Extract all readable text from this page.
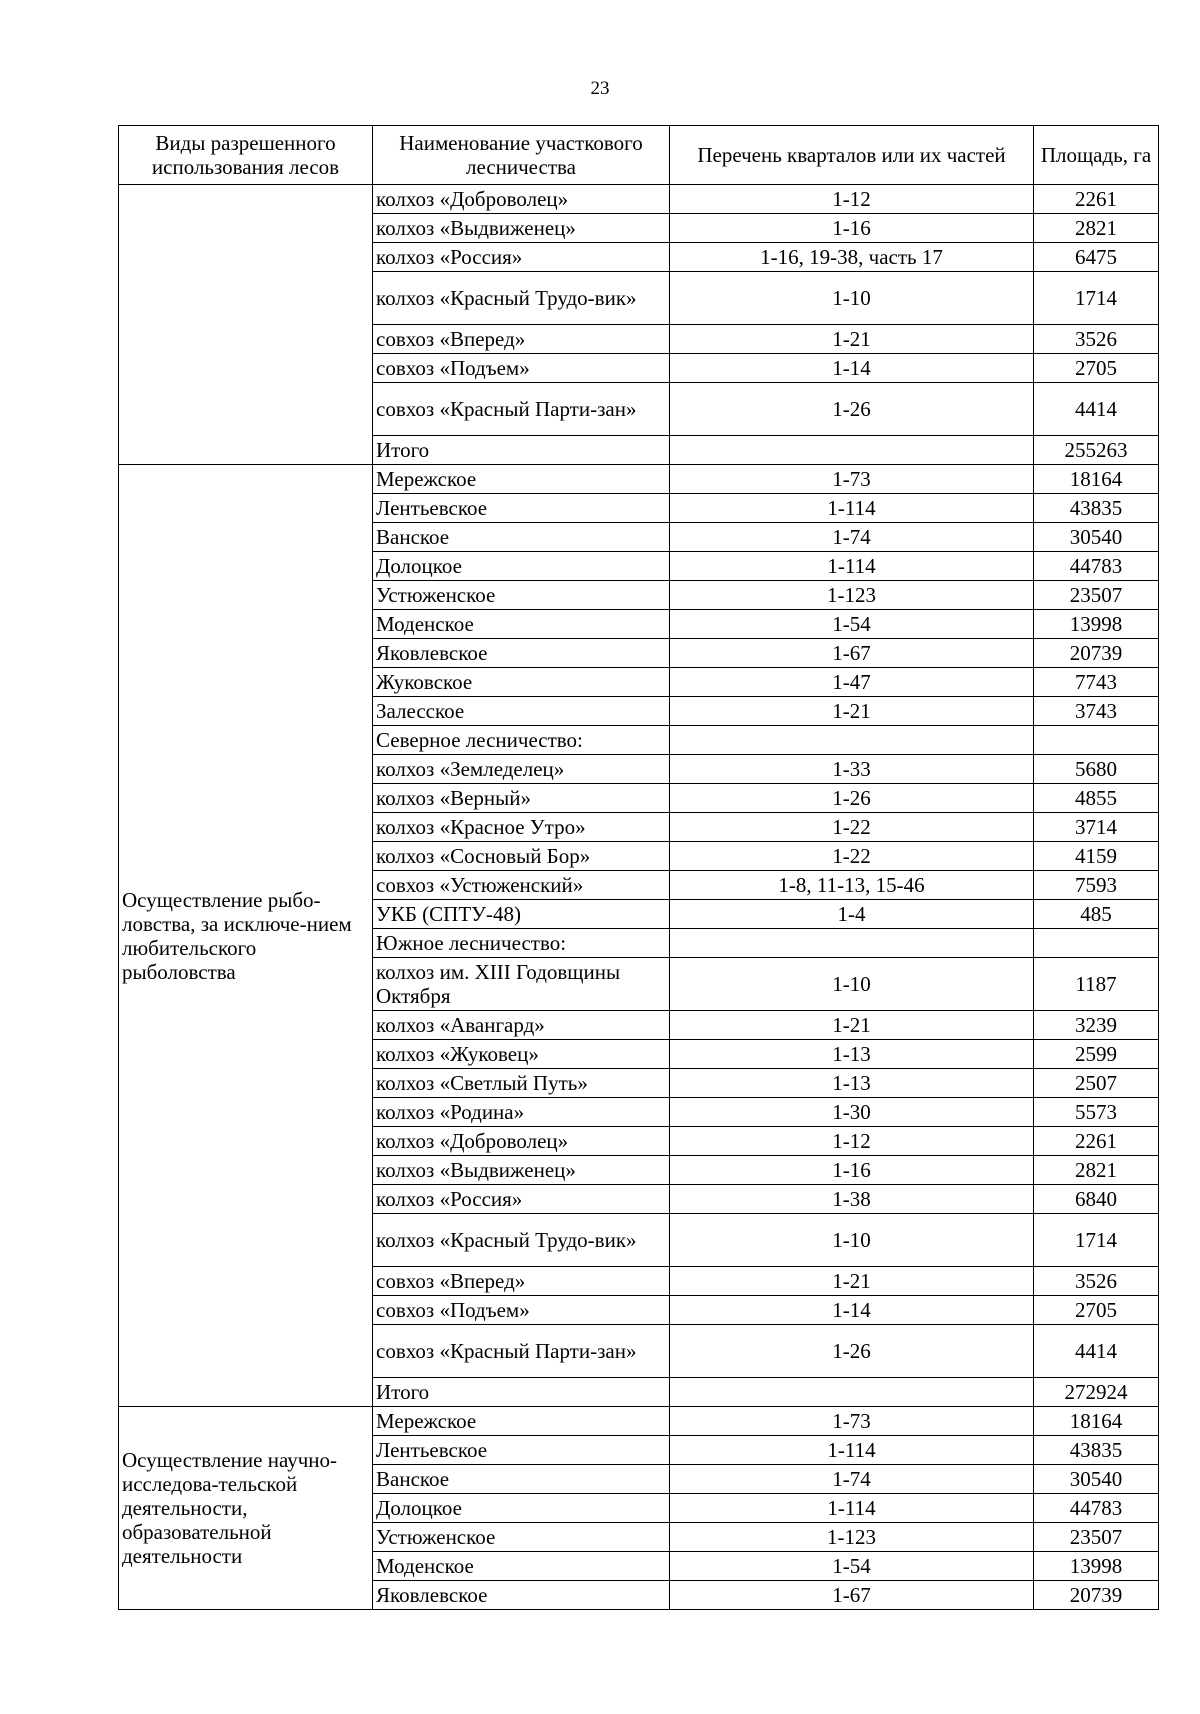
23
Виды разрешенного использования лесов	Наименование участкового лесничества	Перечень кварталов или их частей	Площадь, га
	колхоз «Доброволец»	1-12	2261
	колхоз «Выдвиженец»	1-16	2821
	колхоз «Россия»	1-16, 19-38, часть 17	6475
	колхоз «Красный Трудо-вик»	1-10	1714
	совхоз «Вперед»	1-21	3526
	совхоз «Подъем»	1-14	2705
	совхоз «Красный Парти-зан»	1-26	4414
	Итого		255263
Осуществление рыбо-ловства, за исключе-нием любительского рыболовства	Мережское	1-73	18164
	Лентьевское	1-114	43835
	Ванское	1-74	30540
	Долоцкое	1-114	44783
	Устюженское	1-123	23507
	Моденское	1-54	13998
	Яковлевское	1-67	20739
	Жуковское	1-47	7743
	Залесское	1-21	3743
	Северное лесничество:		
	колхоз «Земледелец»	1-33	5680
	колхоз «Верный»	1-26	4855
	колхоз «Красное Утро»	1-22	3714
	колхоз «Сосновый Бор»	1-22	4159
	совхоз «Устюженский»	1-8, 11-13, 15-46	7593
	УКБ (СПТУ-48)	1-4	485
	Южное лесничество:		
	колхоз им. XIII Годовщины Октября	1-10	1187
	колхоз «Авангард»	1-21	3239
	колхоз «Жуковец»	1-13	2599
	колхоз «Светлый Путь»	1-13	2507
	колхоз «Родина»	1-30	5573
	колхоз «Доброволец»	1-12	2261
	колхоз «Выдвиженец»	1-16	2821
	колхоз «Россия»	1-38	6840
	колхоз «Красный Трудо-вик»	1-10	1714
	совхоз «Вперед»	1-21	3526
	совхоз «Подъем»	1-14	2705
	совхоз «Красный Парти-зан»	1-26	4414
	Итого		272924
Осуществление научно-исследова-тельской деятельности, образовательной деятельности	Мережское	1-73	18164
	Лентьевское	1-114	43835
	Ванское	1-74	30540
	Долоцкое	1-114	44783
	Устюженское	1-123	23507
	Моденское	1-54	13998
	Яковлевское	1-67	20739
